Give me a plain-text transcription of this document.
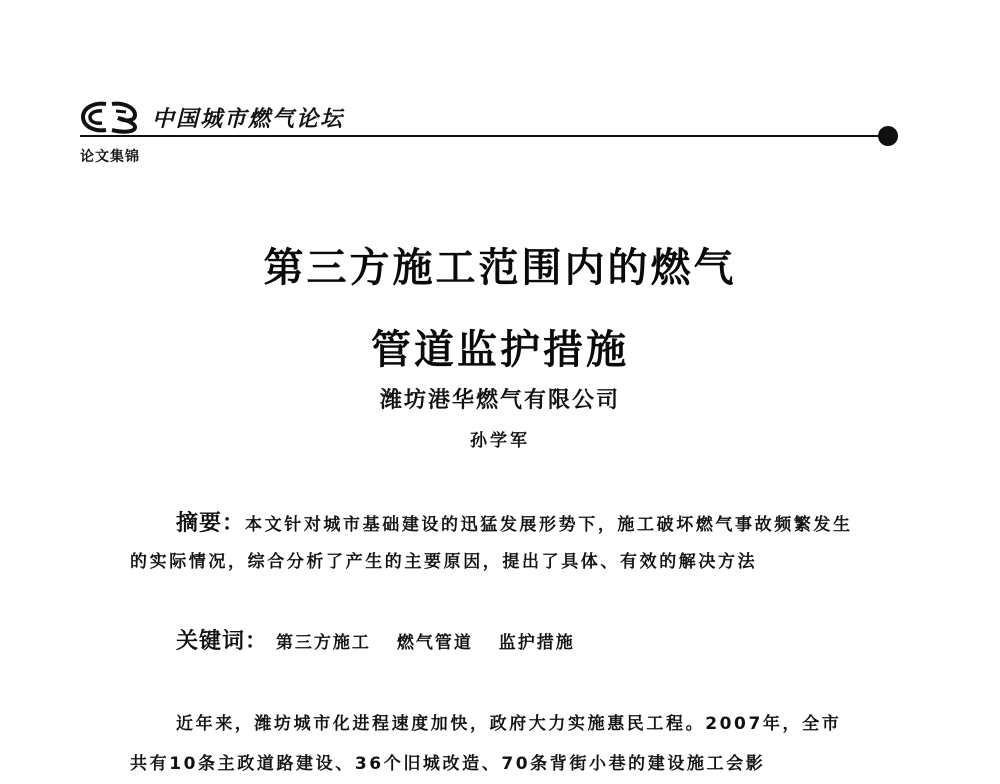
中国城市燃气论坛
论文集锦
第三方施工范围内的燃气
管道监护措施
潍坊港华燃气有限公司
孙学军

摘要：本文针对城市基础建设的迅猛发展形势下，施工破坏燃气事故频繁发生的实际情况，综合分析了产生的主要原因，提出了具体、有效的解决方法

关键词： 第三方施工 燃气管道 监护措施

近年来，潍坊城市化进程速度加快，政府大力实施惠民工程。2007年，全市共有10条主政道路建设、36个旧城改造、70条背街小巷的建设施工会影
